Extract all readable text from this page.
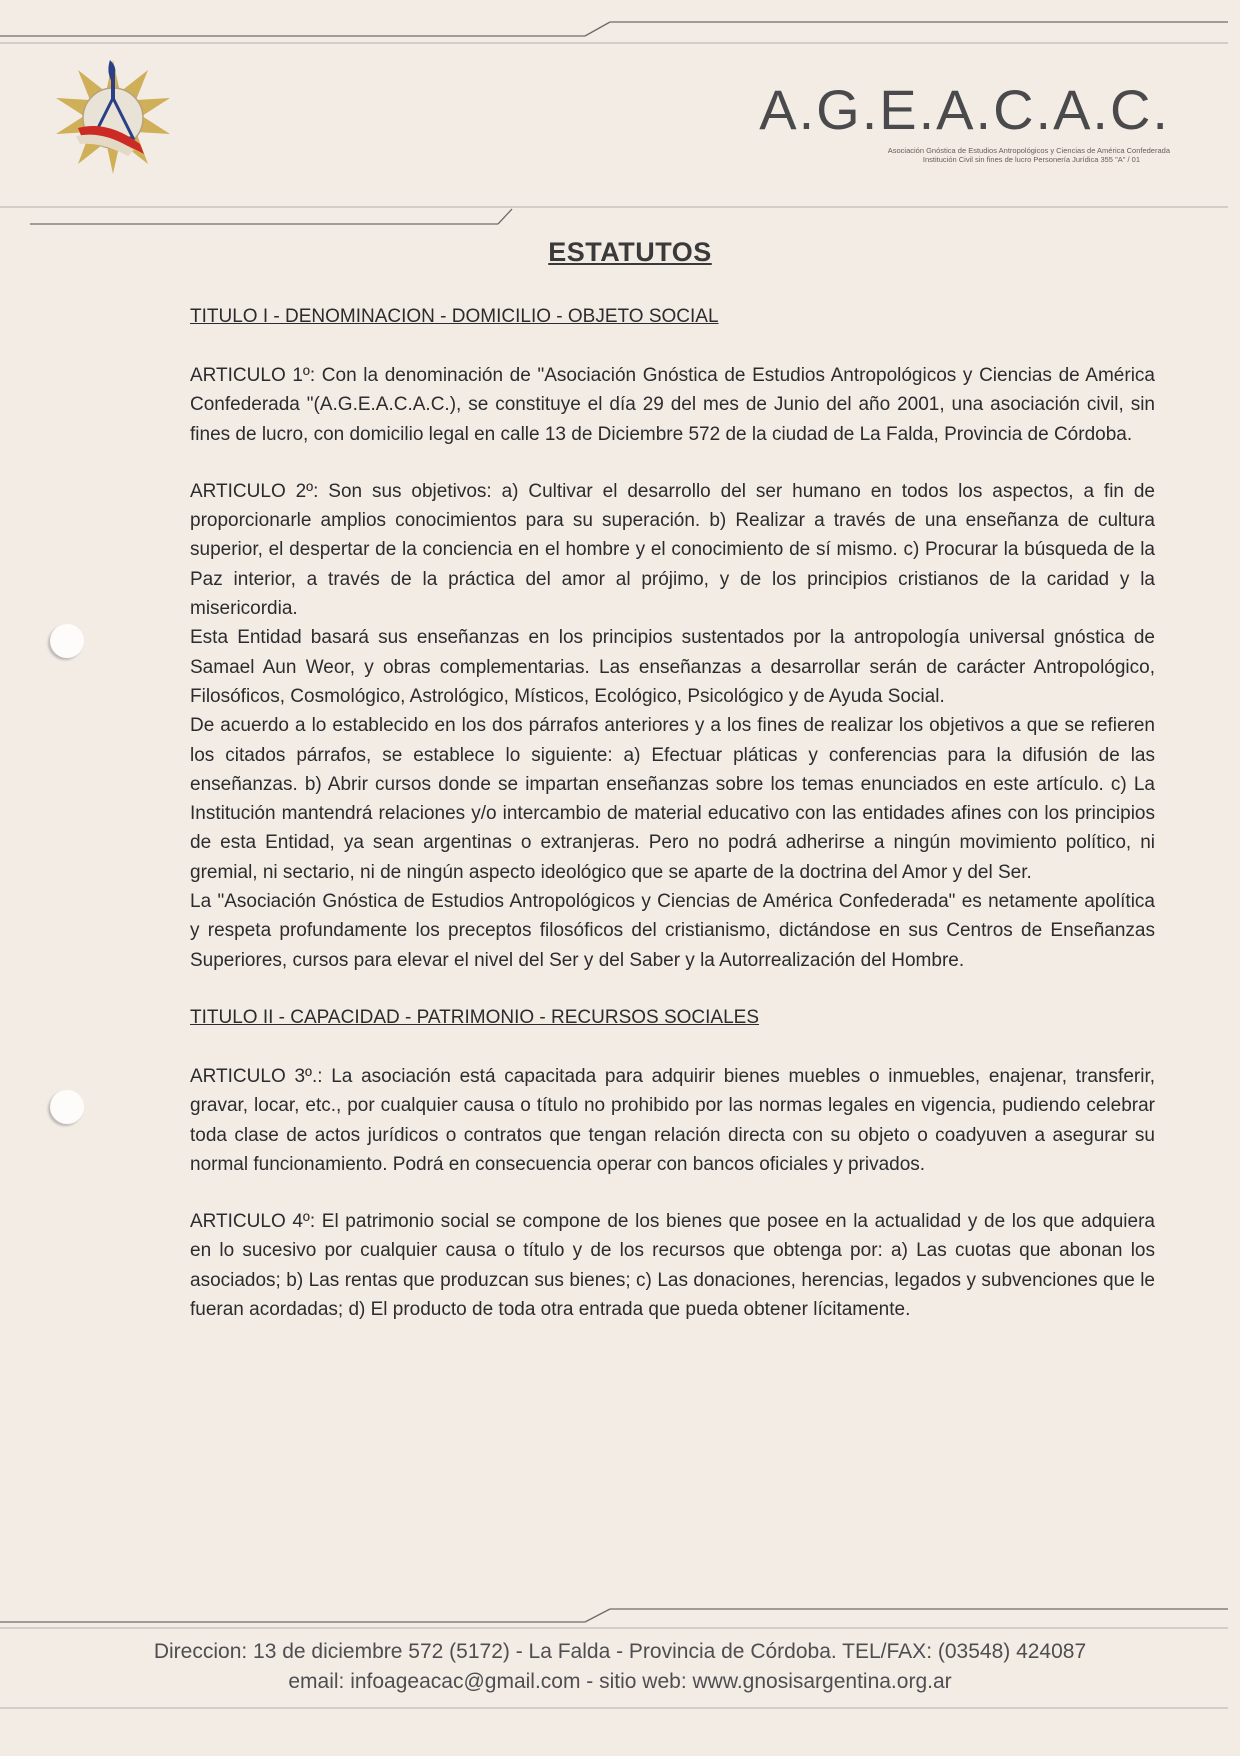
A.G.E.A.C.A.C.
Asociación Gnóstica de Estudios Antropológicos y Ciencias de América Confederada
Institución Civil sin fines de lucro Personería Jurídica 355 "A" / 01
ESTATUTOS

TITULO I - DENOMINACION - DOMICILIO - OBJETO SOCIAL

ARTICULO 1º: Con la denominación de "Asociación Gnóstica de Estudios Antropológicos y Ciencias de América Confederada "(A.G.E.A.C.A.C.), se constituye el día 29 del mes de Junio del año 2001, una asociación civil, sin fines de lucro, con domicilio legal en calle 13 de Diciembre 572 de la ciudad de La Falda, Provincia de Córdoba.

ARTICULO 2º: Son sus objetivos: a) Cultivar el desarrollo del ser humano en todos los aspectos, a fin de proporcionarle amplios conocimientos para su superación. b) Realizar a través de una enseñanza de cultura superior, el despertar de la conciencia en el hombre y el conocimiento de sí mismo. c) Procurar la búsqueda de la Paz interior, a través de la práctica del amor al prójimo, y de los principios cristianos de la caridad y la misericordia.

Esta Entidad basará sus enseñanzas en los principios sustentados por la antropología universal gnóstica de Samael Aun Weor, y obras complementarias. Las enseñanzas a desarrollar serán de carácter Antropológico, Filosóficos, Cosmológico, Astrológico, Místicos, Ecológico, Psicológico y de Ayuda Social.

De acuerdo a lo establecido en los dos párrafos anteriores y a los fines de realizar los objetivos a que se refieren los citados párrafos, se establece lo siguiente: a) Efectuar pláticas y conferencias para la difusión de las enseñanzas. b) Abrir cursos donde se impartan enseñanzas sobre los temas enunciados en este artículo. c) La Institución mantendrá relaciones y/o intercambio de material educativo con las entidades afines con los principios de esta Entidad, ya sean argentinas o extranjeras. Pero no podrá adherirse a ningún movimiento político, ni gremial, ni sectario, ni de ningún aspecto ideológico que se aparte de la doctrina del Amor y del Ser.

La "Asociación Gnóstica de Estudios Antropológicos y Ciencias de América Confederada" es netamente apolítica y respeta profundamente los preceptos filosóficos del cristianismo, dictándose en sus Centros de Enseñanzas Superiores, cursos para elevar el nivel del Ser y del Saber y la Autorrealización del Hombre.

TITULO II - CAPACIDAD - PATRIMONIO - RECURSOS SOCIALES

ARTICULO 3º.: La asociación está capacitada para adquirir bienes muebles o inmuebles, enajenar, transferir, gravar, locar, etc., por cualquier causa o título no prohibido por las normas legales en vigencia, pudiendo celebrar toda clase de actos jurídicos o contratos que tengan relación directa con su objeto o coadyuven a asegurar su normal funcionamiento. Podrá en consecuencia operar con bancos oficiales y privados.

ARTICULO 4º: El patrimonio social se compone de los bienes que posee en la actualidad y de los que adquiera en lo sucesivo por cualquier causa o título y de los recursos que obtenga por: a) Las cuotas que abonan los asociados; b) Las rentas que produzcan sus bienes; c) Las donaciones, herencias, legados y subvenciones que le fueran acordadas; d) El producto de toda otra entrada que pueda obtener lícitamente.

Direccion: 13 de diciembre 572 (5172) - La Falda - Provincia de Córdoba. TEL/FAX: (03548) 424087
email: infoageacac@gmail.com - sitio web: www.gnosisargentina.org.ar
